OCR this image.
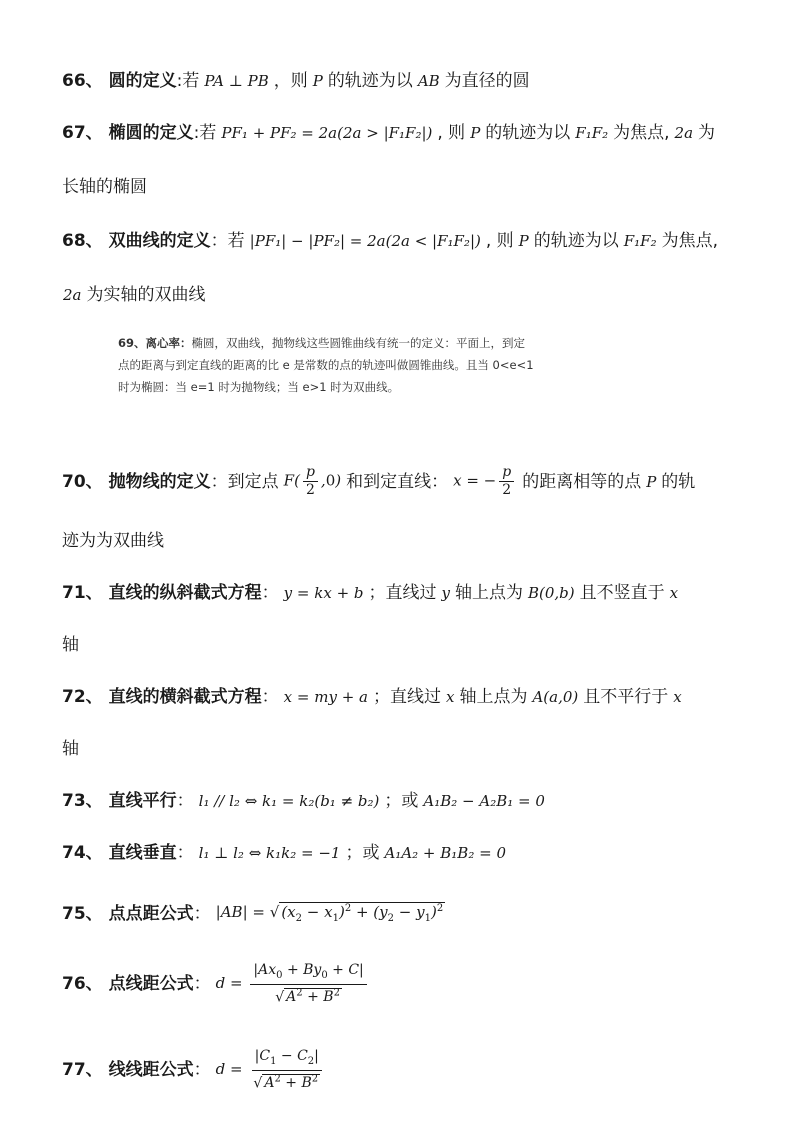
66、 圆的定义 : 若 PA ⊥ PB ，则 P 的轨迹为以 AB 为直径的圆
67、 椭圆的定义 : 若 PF₁ + PF₂ = 2a(2a > |F₁F₂|) , 则 P 的轨迹为以 F₁F₂ 为焦点, 2a 为
长轴的椭圆
68、 双曲线的定义 ： 若 |PF₁| − |PF₂| = 2a(2a < |F₁F₂|) , 则 P 的轨迹为以 F₁F₂ 为焦点,
2a 为实轴的双曲线
69、离心率：椭圆，双曲线，抛物线这些圆锥曲线有统一的定义：平面上，到定
点的距离与到定直线的距离的比 e 是常数的点的轨迹叫做圆锥曲线。且当 0<e<1
时为椭圆：当 e=1 时为抛物线；当 e>1 时为双曲线。
70、 抛物线的定义 ： 到定点 $F( \frac{p}{2} ,0)$ 和到定直线： x = − $\frac{p}{2}$ 的距离相等的点 P 的轨
迹为为双曲线
71、 直线的纵斜截式方程 ： y = kx + b ；直线过 y 轴上点为 B(0,b) 且不竖直于 x
轴
72、 直线的横斜截式方程 ： x = my + a ；直线过 x 轴上点为 A(a,0) 且不平行于 x
轴
73、 直线平行 ： l₁ // l₂ ⇔ k₁ = k₂(b₁ ≠ b₂) ；或 A₁B₂ − A₂B₁ = 0
74、 直线垂直 ： l₁ ⊥ l₂ ⇔ k₁k₂ = −1 ；或 A₁A₂ + B₁B₂ = 0
75、 点点距公式 ： |AB| = √ $(x_2 - x_1)^2 + (y_2 - y_1)^2$
76、 点线距公式 ： $d = \frac{|Ax_0 + By_0 + C|}{√ A^2 + B^2}$
77、 线线距公式 ： $d = \frac{|C_1 - C_2|}{√ A^2 + B^2}$
